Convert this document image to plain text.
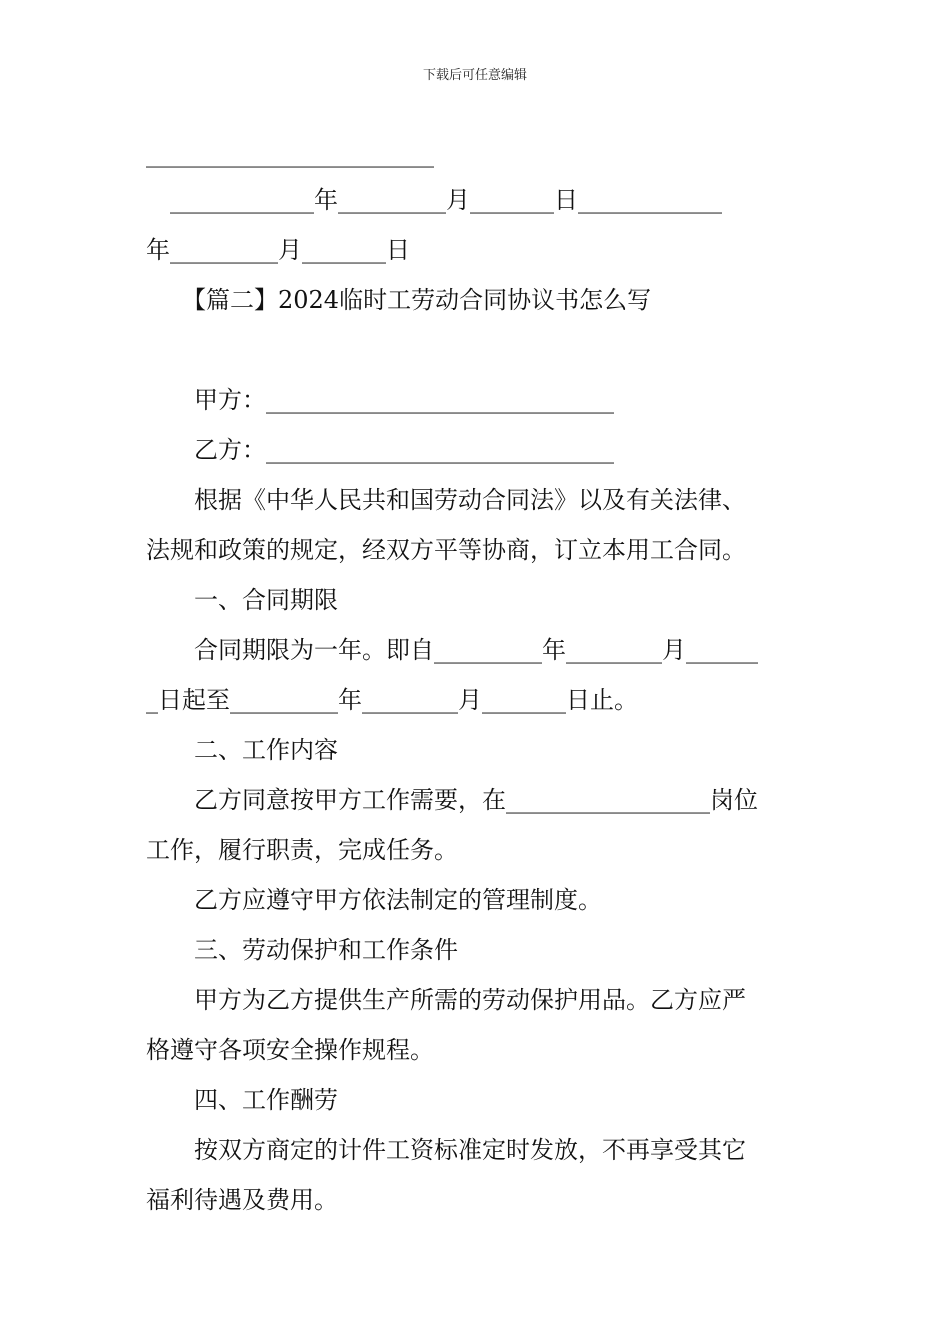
下载后可任意编辑
________________________
　____________年_________月_______日____________
年_________月_______日
　　【篇二】2024临时工劳动合同协议书怎么写
　　甲方：_____________________________
　　乙方：_____________________________
　　根据《中华人民共和国劳动合同法》以及有关法律、
法规和政策的规定，经双方平等协商，订立本用工合同。
　　一、合同期限
　　合同期限为一年。即自_________年________月______
_日起至_________年________月_______日止。
　　二、工作内容
　　乙方同意按甲方工作需要，在_________________岗位
工作，履行职责，完成任务。
　　乙方应遵守甲方依法制定的管理制度。
　　三、劳动保护和工作条件
　　甲方为乙方提供生产所需的劳动保护用品。乙方应严
格遵守各项安全操作规程。
　　四、工作酬劳
　　按双方商定的计件工资标准定时发放，不再享受其它
福利待遇及费用。
